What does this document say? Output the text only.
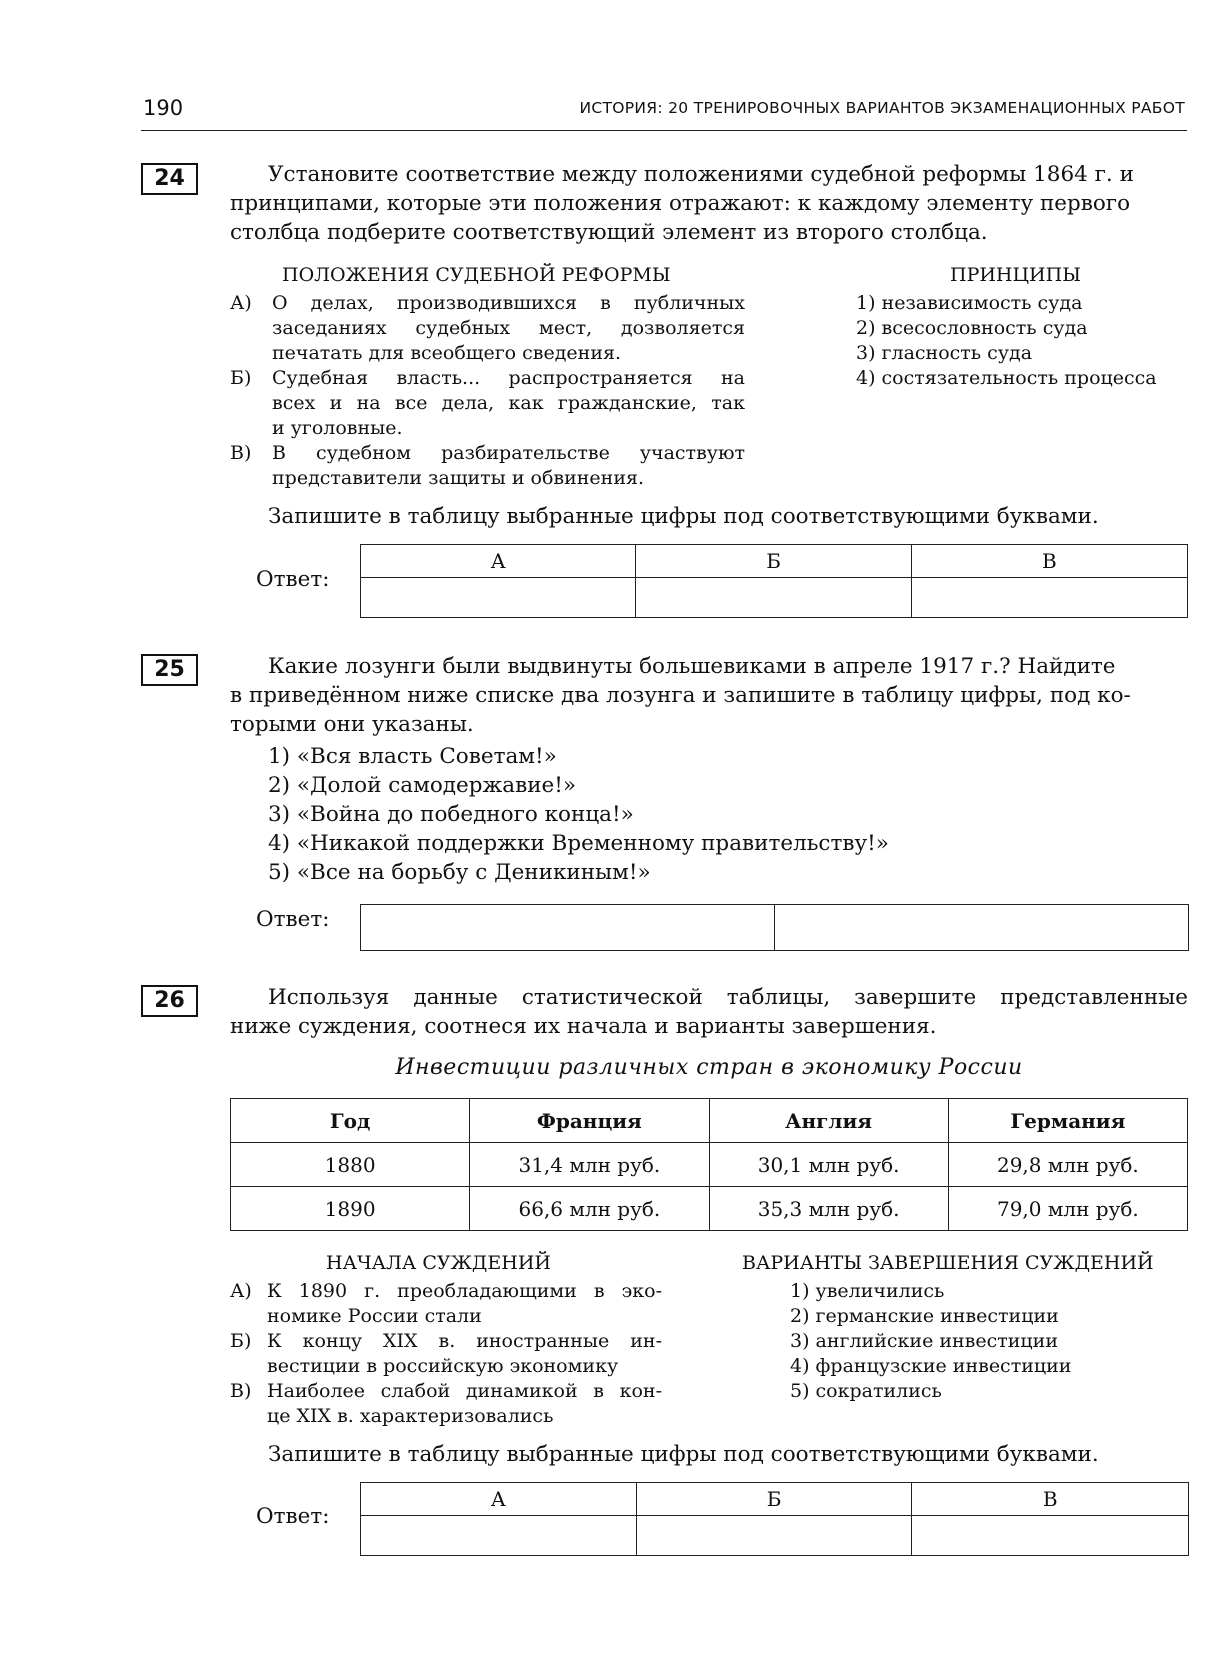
190	ИСТОРИЯ: 20 ТРЕНИРОВОЧНЫХ ВАРИАНТОВ ЭКЗАМЕНАЦИОННЫХ РАБОТ
24	Установите соответствие между положениями судебной реформы 1864 г. и
принципами, которые эти положения отражают: к каждому элементу первого
столбца подберите соответствующий элемент из второго столбца.
ПОЛОЖЕНИЯ СУДЕБНОЙ РЕФОРМЫ	ПРИНЦИПЫ
А) О делах, производившихся в публичных
заседаниях судебных мест, дозволяется
печатать для всеобщего сведения.
Б) Судебная власть... распространяется на
всех и на все дела, как гражданские, так
и уголовные.
В) В судебном разбирательстве участвуют
представители защиты и обвинения.
1) независимость суда
2) всесословность суда
3) гласность суда
4) состязательность процесса
Запишите в таблицу выбранные цифры под соответствующими буквами.
Ответ:
А	Б	В

25	Какие лозунги были выдвинуты большевиками в апреле 1917 г.? Найдите
в приведённом ниже списке два лозунга и запишите в таблицу цифры, под ко-
торыми они указаны.
1) «Вся власть Советам!»
2) «Долой самодержавие!»
3) «Война до победного конца!»
4) «Никакой поддержки Временному правительству!»
5) «Все на борьбу с Деникиным!»
Ответ:

26	Используя данные статистической таблицы, завершите представленные
ниже суждения, соотнеся их начала и варианты завершения.
Инвестиции различных стран в экономику России
Год	Франция	Англия	Германия
1880	31,4 млн руб.	30,1 млн руб.	29,8 млн руб.
1890	66,6 млн руб.	35,3 млн руб.	79,0 млн руб.
НАЧАЛА СУЖДЕНИЙ	ВАРИАНТЫ ЗАВЕРШЕНИЯ СУЖДЕНИЙ
А) К 1890 г. преобладающими в эко-
номике России стали
Б) К концу XIX в. иностранные ин-
вестиции в российскую экономику
В) Наиболее слабой динамикой в кон-
це XIX в. характеризовались
1) увеличились
2) германские инвестиции
3) английские инвестиции
4) французские инвестиции
5) сократились
Запишите в таблицу выбранные цифры под соответствующими буквами.
Ответ:
А	Б	В
